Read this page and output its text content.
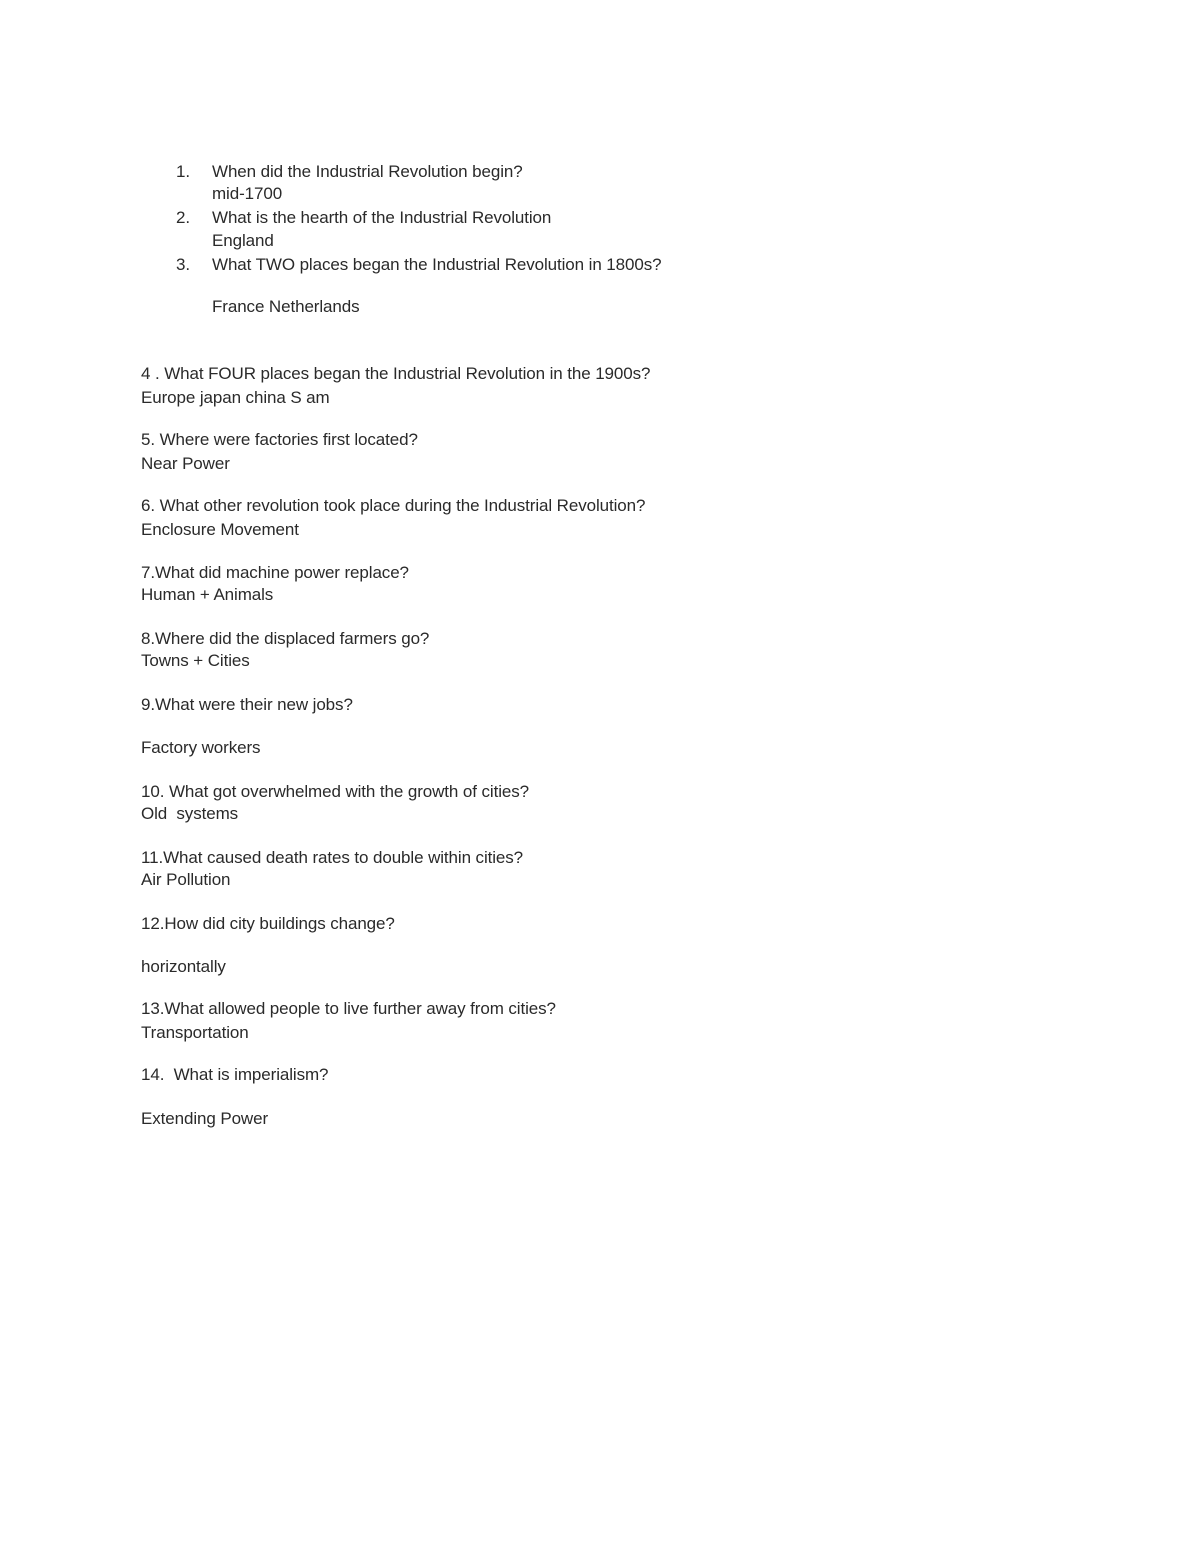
1. When did the Industrial Revolution begin?
mid-1700
2. What is the hearth of the Industrial Revolution
England
3. What TWO places began the Industrial Revolution in 1800s?
France Netherlands
4 . What FOUR places began the Industrial Revolution in the 1900s?
Europe japan china S am
5. Where were factories first located?
Near Power
6. What other revolution took place during the Industrial Revolution?
Enclosure Movement
7.What did machine power replace?
Human + Animals
8.Where did the displaced farmers go?
Towns + Cities
9.What were their new jobs?
Factory workers
10. What got overwhelmed with the growth of cities?
Old  systems
11.What caused death rates to double within cities?
Air Pollution
12.How did city buildings change?
horizontally
13.What allowed people to live further away from cities?
Transportation
14.  What is imperialism?
Extending Power
